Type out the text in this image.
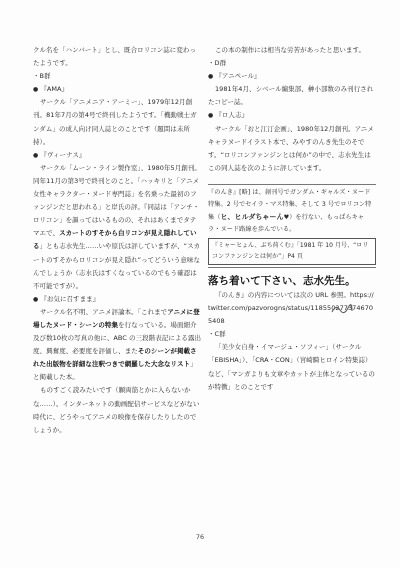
クル名を「ハンバート」とし、既合ロリコン誌に変わったようです。

・B群

● 『AMA』

サークル「アニメニア・アーミー」、1979年12月創刊。81年7月の第4号で終刊したようです。「機動戦士ガンダム」の成人向け同人誌とのことです（題問は未所持）。

● 『ヴィーナス』

サークル「ムーン・ライン製作室」、1980年5月創刊。同年11月の第3号で終刊とのこと。「ハッキリと「アニメ女性キャラクター・ヌード専門誌」を名乗った最初のファンジンだと思われる」と岸氏の評。『同誌は「アンチ・ロリコン」を謳ってはいるものの、それはあくまでタテマエで、スカートのすそから白リコンが見え隠れしている」とも志水先生……いや原氏は評していますが、“スカートのすそからロリコンが見え隠れ”ってどういう意味なんでしょうか（志水氏はすくなっているのでもう確認は不可能ですが）。

● 『お気に召すまま』

サークル名不明、アニメ評論本。「これまでアニメに登場したヌード・シーンの特集を行なっている。場面細介及び数10枚の写真の他に、ABC の三段階表記による露出度、興奮度、必要度を評価し、またそのシーンが掲載された出版物を詳細な注釈つきで網羅した大念なリスト」と掲載した本。

ものすごく読みたいです（願両筋とかに入らないかな……）。インターネットの動画配信サービスなどがない時代に、どうやってアニメの映像を保存したりしたのでしょうか。

この本の制作には相当な労苦があったと思います。

・D群

● 『アニペール』

1981年4月、シベール編集部、榊小部数のみ刊行されたコピー誌。

● 『ロ人志』

サークル「おと江汀企画」、1980年12月創刊。アニメキャラヌードイラスト本で、みやすのんき先生のそです。“ロリコンファンジンとは何か”の中で、志水先生はこの同人誌を次のように評しています。

『のんき』[略] は、創刊号でガンダム・ギャルズ・ヌード特集。2 号でセイラ・マス特集、そして 3 号でロリコン特集（ヒ、ヒルダちゃーん♥）を行ない、もっぱらキャラ・ヌード路線を歩んでいる。
『ミャーヒょん、ぶち荷くむ』「1981 年 10 月号、“ロリコンファンジンとは何か”」P4 頁

落ち着いて下さい、志水先生。

『のんき』の内容については次の URL 参照。https://twitter.com/pazvorogns/status/1185502773746705408

・C群

「美少女自身・イマージュ・ソフィー」（サークル「EBISHA」）、「CRA・CON」（宮崎騎ヒロイン特集誌）など、「マンガよりも文章やカットが主体となっているのが特徴」とのことです

76
